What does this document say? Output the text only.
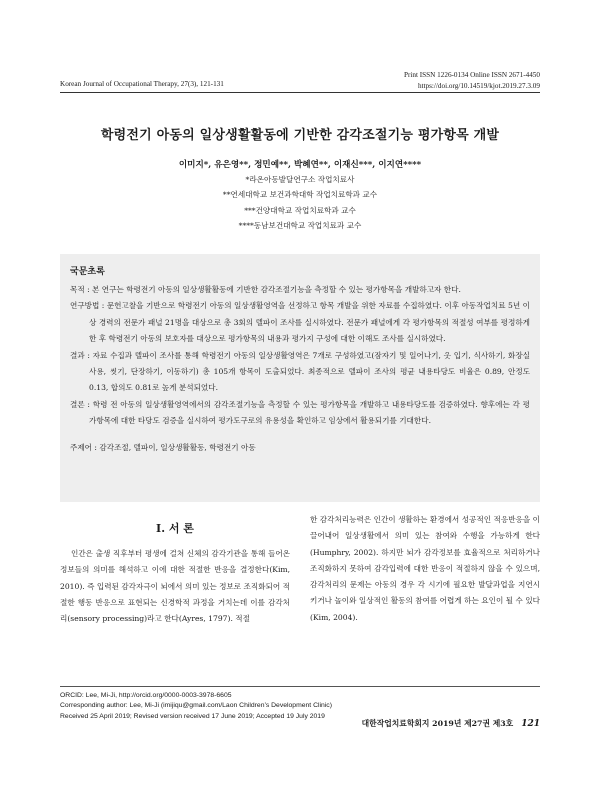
Print ISSN 1226-0134 Online ISSN 2671-4450
https://doi.org/10.14519/kjot.2019.27.3.09
Korean Journal of Occupational Therapy, 27(3), 121-131
학령전기 아동의 일상생활활동에 기반한 감각조절기능 평가항목 개발
이미지*, 유은영**, 정민예**, 박혜연**, 이재신***, 이지연****
*라온아동발달연구소 작업치료사
**연세대학교 보건과학대학 작업치료학과 교수
***건양대학교 작업치료학과 교수
****동남보건대학교 작업치료과 교수
국문초록

목적 : 본 연구는 학령전기 아동의 일상생활활동에 기반한 감각조절기능을 측정할 수 있는 평가항목을 개발하고자 한다.

연구방법 : 문헌고찰을 기반으로 학령전기 아동의 일상생활영역을 선정하고 항목 개발을 위한 자료를 수집하였다. 이후 아동작업치료 5년 이상 경력의 전문가 패널 21명을 대상으로 총 3회의 델파이 조사를 실시하였다. 전문가 패널에게 각 평가항목의 적절성 여부를 평정하게 한 후 학령전기 아동의 보호자를 대상으로 평가항목의 내용과 평가지 구성에 대한 이해도 조사를 실시하였다.

결과 : 자료 수집과 델파이 조사를 통해 학령전기 아동의 일상생활영역은 7개로 구성하였고(잠자기 및 일어나기, 옷 입기, 식사하기, 화장실 사용, 씻기, 단장하기, 이동하기) 총 105개 항목이 도출되었다. 최종적으로 델파이 조사의 평균 내용타당도 비율은 0.89, 안정도 0.13, 합의도 0.81로 높게 분석되었다.

결론 : 학령 전 아동의 일상생활영역에서의 감각조절기능을 측정할 수 있는 평가항목을 개발하고 내용타당도를 검증하였다. 향후에는 각 평가항목에 대한 타당도 검증을 실시하여 평가도구로의 유용성을 확인하고 임상에서 활용되기를 기대한다.

주제어 : 감각조절, 델파이, 일상생활활동, 학령전기 아동
I. 서 론

인간은 출생 직후부터 평생에 걸쳐 신체의 감각기관을 통해 들어온 정보들의 의미를 해석하고 이에 대한 적절한 반응을 결정한다(Kim, 2010). 즉 입력된 감각자극이 뇌에서 의미 있는 정보로 조직화되어 적절한 행동 반응으로 표현되는 신경학적 과정을 거치는데 이를 감각처리(sensory processing)라고 한다(Ayres, 1797). 적절

한 감각처리능력은 인간이 생활하는 환경에서 성공적인 적응반응을 이끌어내어 일상생활에서 의미 있는 참여와 수행을 가능하게 한다(Humphry, 2002). 하지만 뇌가 감각정보를 효율적으로 처리하거나 조직화하지 못하여 감각입력에 대한 반응이 적절하지 않을 수 있으며, 감각처리의 문제는 아동의 경우 각 시기에 필요한 발달과업을 지연시키거나 놀이와 일상적인 활동의 참여를 어렵게 하는 요인이 될 수 있다(Kim, 2004).

ORCID: Lee, Mi-Ji, http://orcid.org/0000-0003-3978-6605
Corresponding author: Lee, Mi-Ji (imijiqu@gmail.com/Laon Children’s Development Clinic)
Received 25 April 2019; Revised version received 17 June 2019; Accepted 19 July 2019
대한작업치료학회지 2019년 제27권 제3호 121
